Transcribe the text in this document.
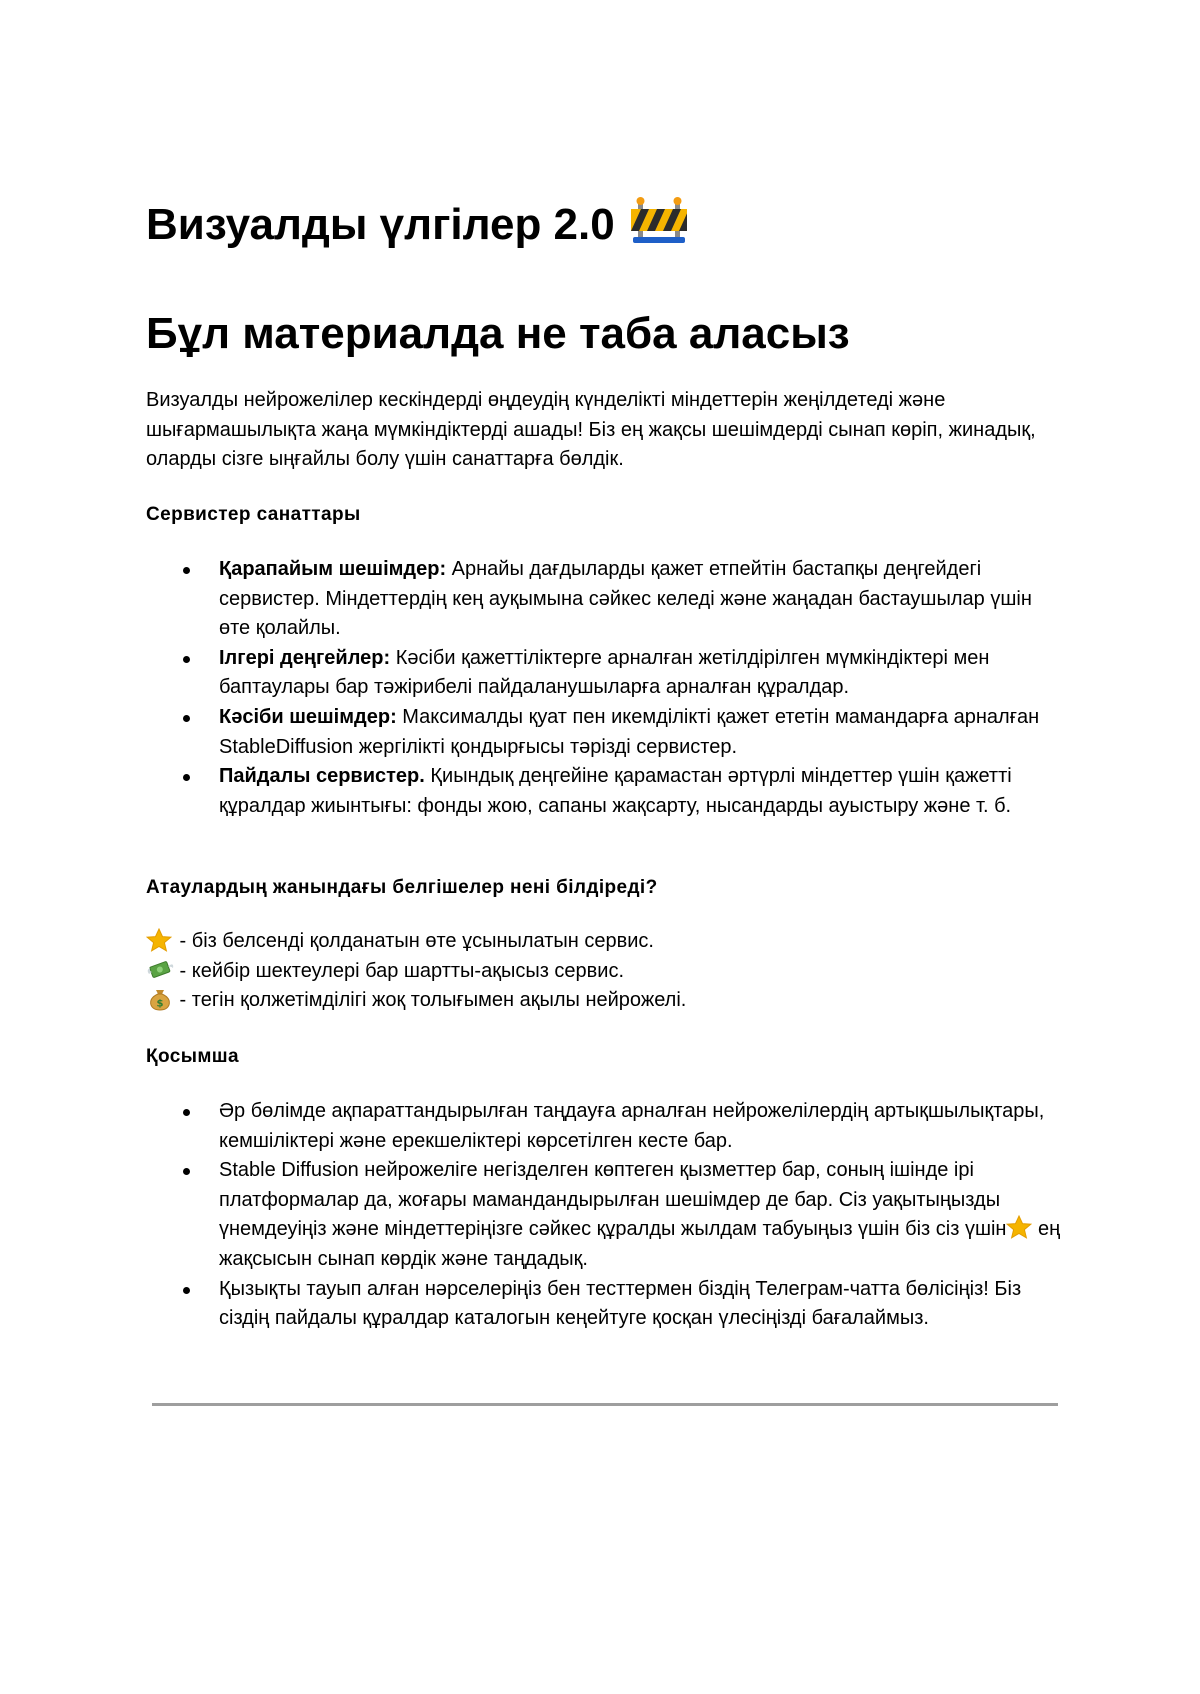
Визуалды үлгілер 2.0
Бұл материалда не таба аласыз

Визуалды нейрожелілер кескіндерді өңдеудің күнделікті міндеттерін жеңілдетеді және шығармашылықта жаңа мүмкіндіктерді ашады! Біз ең жақсы шешімдерді сынап көріп, жинадық, оларды сізге ыңғайлы болу үшін санаттарға бөлдік.

Сервистер санаттары

Қарапайым шешімдер: Арнайы дағдыларды қажет етпейтін бастапқы деңгейдегі сервистер. Міндеттердің кең ауқымына сәйкес келеді және жаңадан бастаушылар үшін өте қолайлы.
Ілгері деңгейлер: Кәсіби қажеттіліктерге арналған жетілдірілген мүмкіндіктері мен баптаулары бар тәжірибелі пайдаланушыларға арналған құралдар.
Кәсіби шешімдер: Максималды қуат пен икемділікті қажет ететін мамандарға арналған StableDiffusion жергілікті қондырғысы тәрізді сервистер.
Пайдалы сервистер. Қиындық деңгейіне қарамастан әртүрлі міндеттер үшін қажетті құралдар жиынтығы: фонды жою, сапаны жақсарту, нысандарды ауыстыру және т. б.

Атаулардың жанындағы белгішелер нені білдіреді?

- біз белсенді қолданатын өте ұсынылатын сервис.
- кейбір шектеулері бар шартты-ақысыз сервис.
$ - тегін қолжетімділігі жоқ толығымен ақылы нейрожелі.

Қосымша

Әр бөлімде ақпараттандырылған таңдауға арналған нейрожелілердің артықшылықтары, кемшіліктері және ерекшеліктері көрсетілген кесте бар.
Stable Diffusion нейрожеліге негізделген көптеген қызметтер бар, соның ішінде ірі платформалар да, жоғары мамандандырылған шешімдер де бар. Сіз уақытыңызды үнемдеуіңіз және міндеттеріңізге сәйкес құралды жылдам табуыңыз үшін біз сіз үшін ең жақсысын сынап көрдік және таңдадық.
Қызықты тауып алған нәрселеріңіз бен тесттермен біздің Телеграм-чатта бөлісіңіз! Біз сіздің пайдалы құралдар каталогын кеңейтуге қосқан үлесіңізді бағалаймыз.
